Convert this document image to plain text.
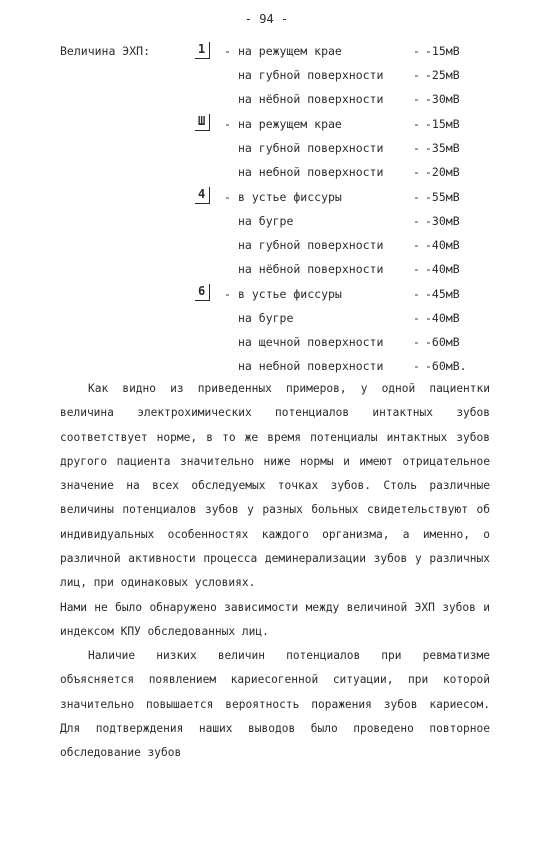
- 94 -
Величина ЭХП:	1	- на режущем крае	- -15мВ
на губной поверхности	- -25мВ
на нёбной поверхности	- -30мВ
Ш	- на режущем крае	- -15мВ
на губной поверхности	- -35мВ
на небной поверхности	- -20мВ
4	- в устье фиссуры	- -55мВ
на бугре	- -30мВ
на губной поверхности	- -40мВ
на нёбной поверхности	- -40мВ
6	- в устье фиссуры	- -45мВ
на бугре	- -40мВ
на щечной поверхности	- -60мВ
на небной поверхности	- -60мВ.

Как видно из приведенных примеров, у одной пациентки величина электрохимических потенциалов интактных зубов соответствует норме, в то же время потенциалы интактных зубов другого пациента значительно ниже нормы и имеют отрицательное значение на всех обследуемых точках зубов. Столь различные величины потенциалов зубов у разных больных свидетельствуют об индивидуальных особенностях каждого организма, а именно, о различной активности процесса деминерализации зубов у различных лиц, при одинаковых условиях.

Нами не было обнаружено зависимости между величиной ЭХП зубов и индексом КПУ обследованных лиц.

Наличие низких величин потенциалов при ревматизме объясняется появлением кариесогенной ситуации, при которой значительно повышается вероятность поражения зубов кариесом. Для подтверждения наших выводов было проведено повторное обследование зубов
